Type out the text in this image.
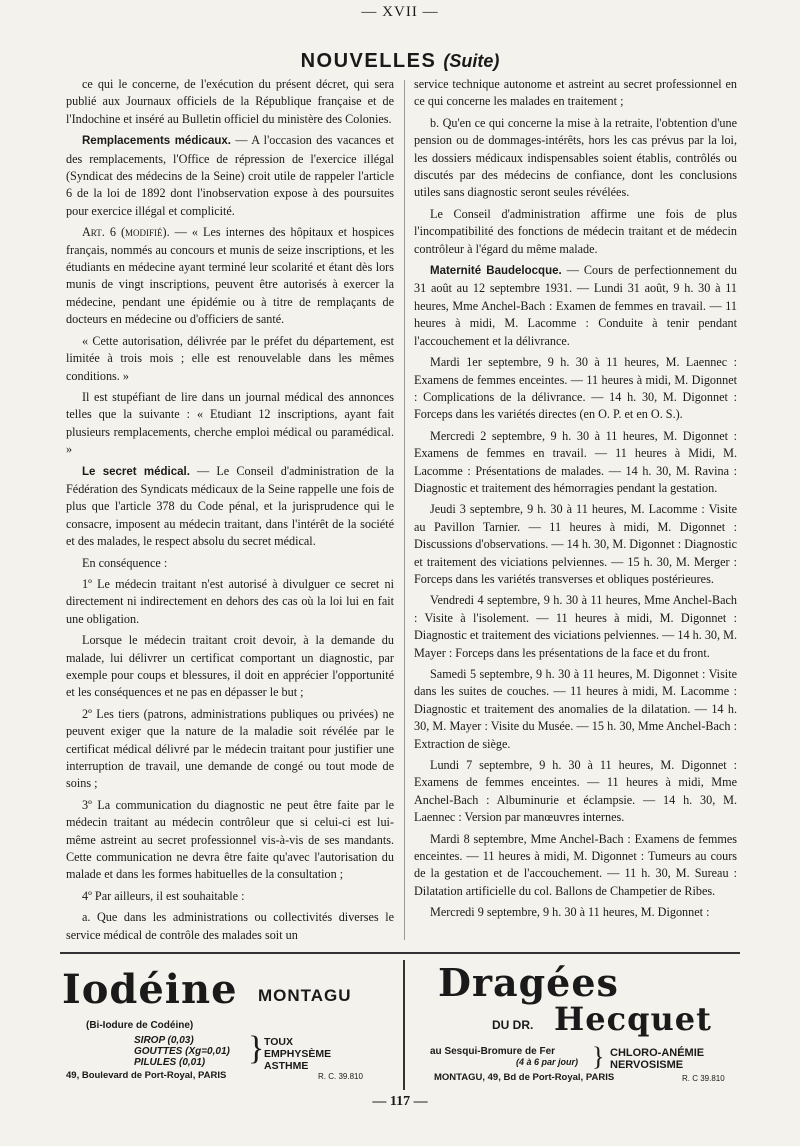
— XVII —
NOUVELLES (Suite)

ce qui le concerne, de l'exécution du présent décret, qui sera publié aux Journaux officiels de la République française et de l'Indochine et inséré au Bulletin officiel du ministère des Colonies.

Remplacements médicaux. — A l'occasion des vacances et des remplacements, l'Office de répression de l'exercice illégal (Syndicat des médecins de la Seine) croit utile de rappeler l'article 6 de la loi de 1892 dont l'inobservation expose à des poursuites pour exercice illégal et complicité.

Art. 6 (modifié). — « Les internes des hôpitaux et hospices français, nommés au concours et munis de seize inscriptions, et les étudiants en médecine ayant terminé leur scolarité et étant dès lors munis de vingt inscriptions, peuvent être autorisés à exercer la médecine, pendant une épidémie ou à titre de remplaçants de docteurs en médecine ou d'officiers de santé.

« Cette autorisation, délivrée par le préfet du département, est limitée à trois mois ; elle est renouvelable dans les mêmes conditions. »

Il est stupéfiant de lire dans un journal médical des annonces telles que la suivante : « Etudiant 12 inscriptions, ayant fait plusieurs remplacements, cherche emploi médical ou paramédical. »

Le secret médical. — Le Conseil d'administration de la Fédération des Syndicats médicaux de la Seine rappelle une fois de plus que l'article 378 du Code pénal, et la jurisprudence qui le consacre, imposent au médecin traitant, dans l'intérêt de la société et des malades, le respect absolu du secret médical.

En conséquence :

1º Le médecin traitant n'est autorisé à divulguer ce secret ni directement ni indirectement en dehors des cas où la loi lui en fait une obligation.

Lorsque le médecin traitant croit devoir, à la demande du malade, lui délivrer un certificat comportant un diagnostic, par exemple pour coups et blessures, il doit en apprécier l'opportunité et les conséquences et ne pas en dépasser le but ;

2º Les tiers (patrons, administrations publiques ou privées) ne peuvent exiger que la nature de la maladie soit révélée par le certificat médical délivré par le médecin traitant pour justifier une interruption de travail, une demande de congé ou tout mode de soins ;

3º La communication du diagnostic ne peut être faite par le médecin traitant au médecin contrôleur que si celui-ci est lui-même astreint au secret professionnel vis-à-vis de ses mandants. Cette communication ne devra être faite qu'avec l'autorisation du malade et dans les formes habituelles de la consultation ;

4º Par ailleurs, il est souhaitable :

a. Que dans les administrations ou collectivités diverses le service médical de contrôle des malades soit un

service technique autonome et astreint au secret professionnel en ce qui concerne les malades en traitement ;

b. Qu'en ce qui concerne la mise à la retraite, l'obtention d'une pension ou de dommages-intérêts, hors les cas prévus par la loi, les dossiers médicaux indispensables soient établis, contrôlés ou discutés par des médecins de confiance, dont les conclusions utiles sans diagnostic seront seules révélées.

Le Conseil d'administration affirme une fois de plus l'incompatibilité des fonctions de médecin traitant et de médecin contrôleur à l'égard du même malade.

Maternité Baudelocque. — Cours de perfectionnement du 31 août au 12 septembre 1931. — Lundi 31 août, 9 h. 30 à 11 heures, Mme Anchel-Bach : Examen de femmes en travail. — 11 heures à midi, M. Lacomme : Conduite à tenir pendant l'accouchement et la délivrance.

Mardi 1er septembre, 9 h. 30 à 11 heures, M. Laennec : Examens de femmes enceintes. — 11 heures à midi, M. Digonnet : Complications de la délivrance. — 14 h. 30, M. Digonnet : Forceps dans les variétés directes (en O. P. et en O. S.).

Mercredi 2 septembre, 9 h. 30 à 11 heures, M. Digonnet : Examens de femmes en travail. — 11 heures à Midi, M. Lacomme : Présentations de malades. — 14 h. 30, M. Ravina : Diagnostic et traitement des hémorragies pendant la gestation.

Jeudi 3 septembre, 9 h. 30 à 11 heures, M. Lacomme : Visite au Pavillon Tarnier. — 11 heures à midi, M. Digonnet : Discussions d'observations. — 14 h. 30, M. Digonnet : Diagnostic et traitement des viciations pelviennes. — 15 h. 30, M. Merger : Forceps dans les variétés transverses et obliques postérieures.

Vendredi 4 septembre, 9 h. 30 à 11 heures, Mme Anchel-Bach : Visite à l'isolement. — 11 heures à midi, M. Digonnet : Diagnostic et traitement des viciations pelviennes. — 14 h. 30, M. Mayer : Forceps dans les présentations de la face et du front.

Samedi 5 septembre, 9 h. 30 à 11 heures, M. Digonnet : Visite dans les suites de couches. — 11 heures à midi, M. Lacomme : Diagnostic et traitement des anomalies de la dilatation. — 14 h. 30, M. Mayer : Visite du Musée. — 15 h. 30, Mme Anchel-Bach : Extraction de siège.

Lundi 7 septembre, 9 h. 30 à 11 heures, M. Digonnet : Examens de femmes enceintes. — 11 heures à midi, Mme Anchel-Bach : Albuminurie et éclampsie. — 14 h. 30, M. Laennec : Version par manœuvres internes.

Mardi 8 septembre, Mme Anchel-Bach : Examens de femmes enceintes. — 11 heures à midi, M. Digonnet : Tumeurs au cours de la gestation et de l'accouchement. — 11 h. 30, M. Sureau : Dilatation artificielle du col. Ballons de Champetier de Ribes.

Mercredi 9 septembre, 9 h. 30 à 11 heures, M. Digonnet :

Iodéine MONTAGU
(Bi-Iodure de Codéine)
SIROP (0,03)
GOUTTES (Xg=0,01)
PILULES (0,01)	} TOUX
EMPHYSÈME
ASTHME
49, Boulevard de Port-Royal, PARIS	R. C. 39.810
Dragées
DU DR. Hecquet
au Sesqui-Bromure de Fer
(4 à 6 par jour) } CHLORO-ANÉMIE
NERVOSISME
MONTAGU, 49, Bd de Port-Royal, PARIS	R. C 39.810
— 117 —
